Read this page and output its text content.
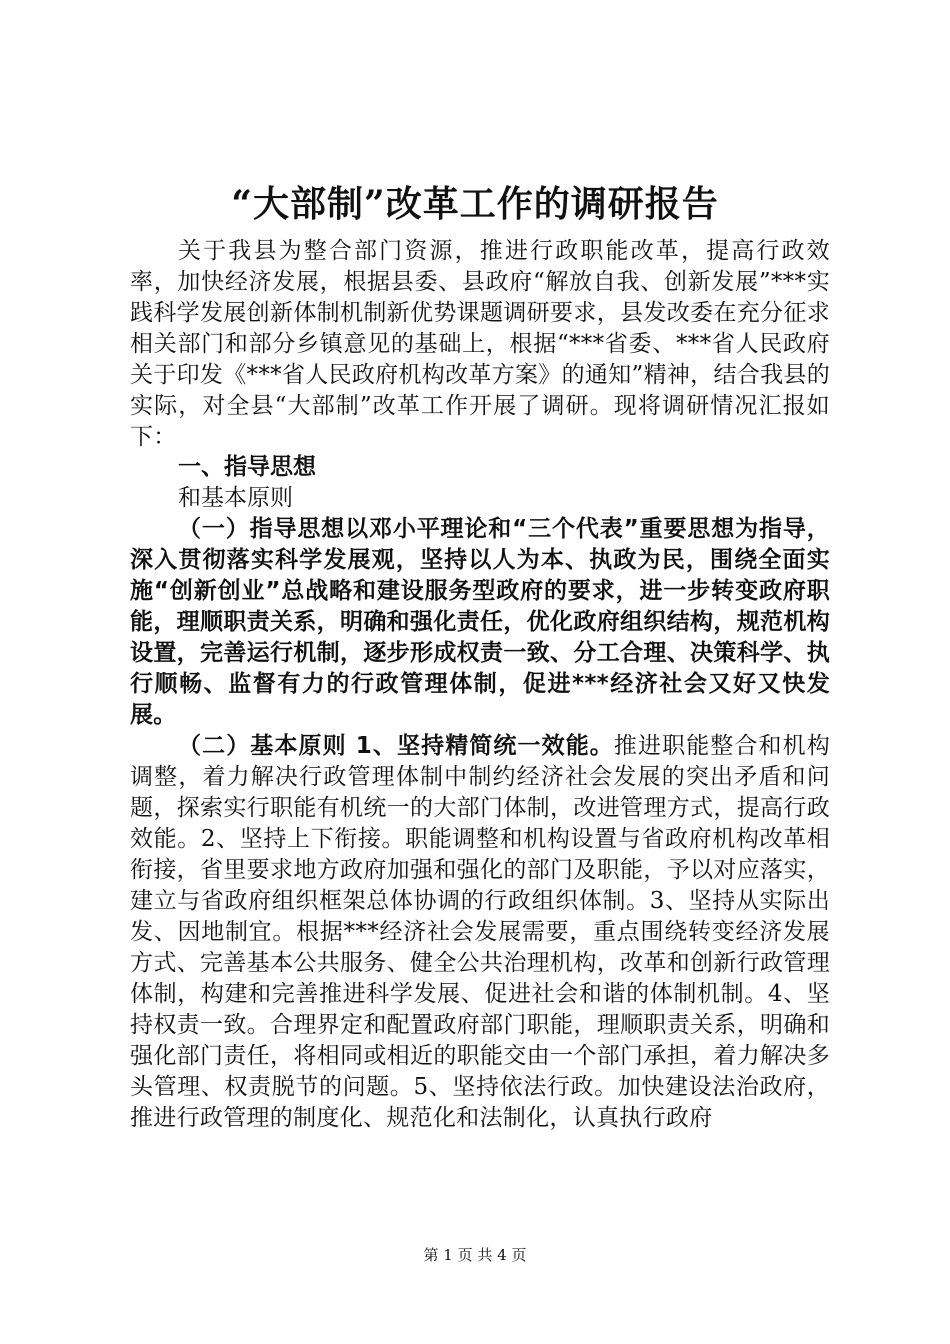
“大部制”改革工作的调研报告

关于我县为整合部门资源，推进行政职能改革，提高行政效率，加快经济发展，根据县委、县政府“解放自我、创新发展”***实践科学发展创新体制机制新优势课题调研要求，县发改委在充分征求相关部门和部分乡镇意见的基础上，根据“***省委、***省人民政府关于印发《***省人民政府机构改革方案》的通知”精神，结合我县的实际，对全县“大部制”改革工作开展了调研。现将调研情况汇报如下：

一、指导思想

和基本原则

（一）指导思想以邓小平理论和“三个代表”重要思想为指导，深入贯彻落实科学发展观，坚持以人为本、执政为民，围绕全面实施“创新创业”总战略和建设服务型政府的要求，进一步转变政府职能，理顺职责关系，明确和强化责任，优化政府组织结构，规范机构设置，完善运行机制，逐步形成权责一致、分工合理、决策科学、执行顺畅、监督有力的行政管理体制，促进***经济社会又好又快发展。

（二）基本原则 1、坚持精简统一效能。推进职能整合和机构调整，着力解决行政管理体制中制约经济社会发展的突出矛盾和问题，探索实行职能有机统一的大部门体制，改进管理方式，提高行政效能。2、坚持上下衔接。职能调整和机构设置与省政府机构改革相衔接，省里要求地方政府加强和强化的部门及职能，予以对应落实，建立与省政府组织框架总体协调的行政组织体制。3、坚持从实际出发、因地制宜。根据***经济社会发展需要，重点围绕转变经济发展方式、完善基本公共服务、健全公共治理机构，改革和创新行政管理体制，构建和完善推进科学发展、促进社会和谐的体制机制。4、坚持权责一致。合理界定和配置政府部门职能，理顺职责关系，明确和强化部门责任，将相同或相近的职能交由一个部门承担，着力解决多头管理、权责脱节的问题。5、坚持依法行政。加快建设法治政府，推进行政管理的制度化、规范化和法制化，认真执行政府

第 1 页 共 4 页
